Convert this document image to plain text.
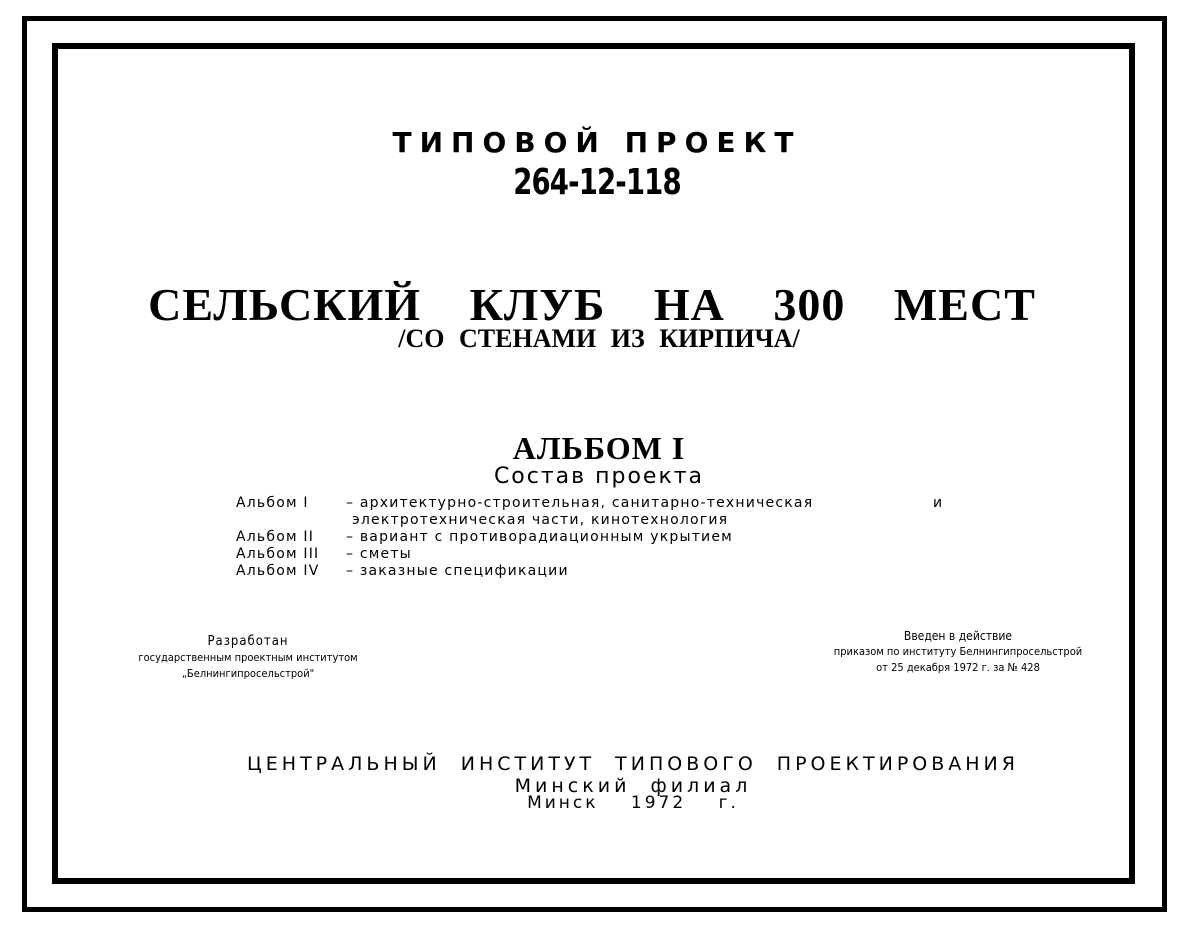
ТИПОВОЙ ПРОЕКТ
264-12-118
СЕЛЬСКИЙ КЛУБ НА 300 МЕСТ
/СО СТЕНАМИ ИЗ КИРПИЧА/
АЛЬБОМ I
Состав проекта
Альбом I	– архитектурно-строительная, санитарно-техническая	и
электротехническая части, кинотехнология
Альбом II – вариант с противорадиационным укрытием
Альбом III – сметы
Альбом IV – заказные спецификации
Разработан
государственным проектным институтом
„Белнингипросельстрой"
Введен в действие
приказом по институту Белнингипросельстрой
от 25 декабря 1972 г. за № 428
ЦЕНТРАЛЬНЫЙ ИНСТИТУТ ТИПОВОГО ПРОЕКТИРОВАНИЯ
Минский филиал
Минск 1972 г.
